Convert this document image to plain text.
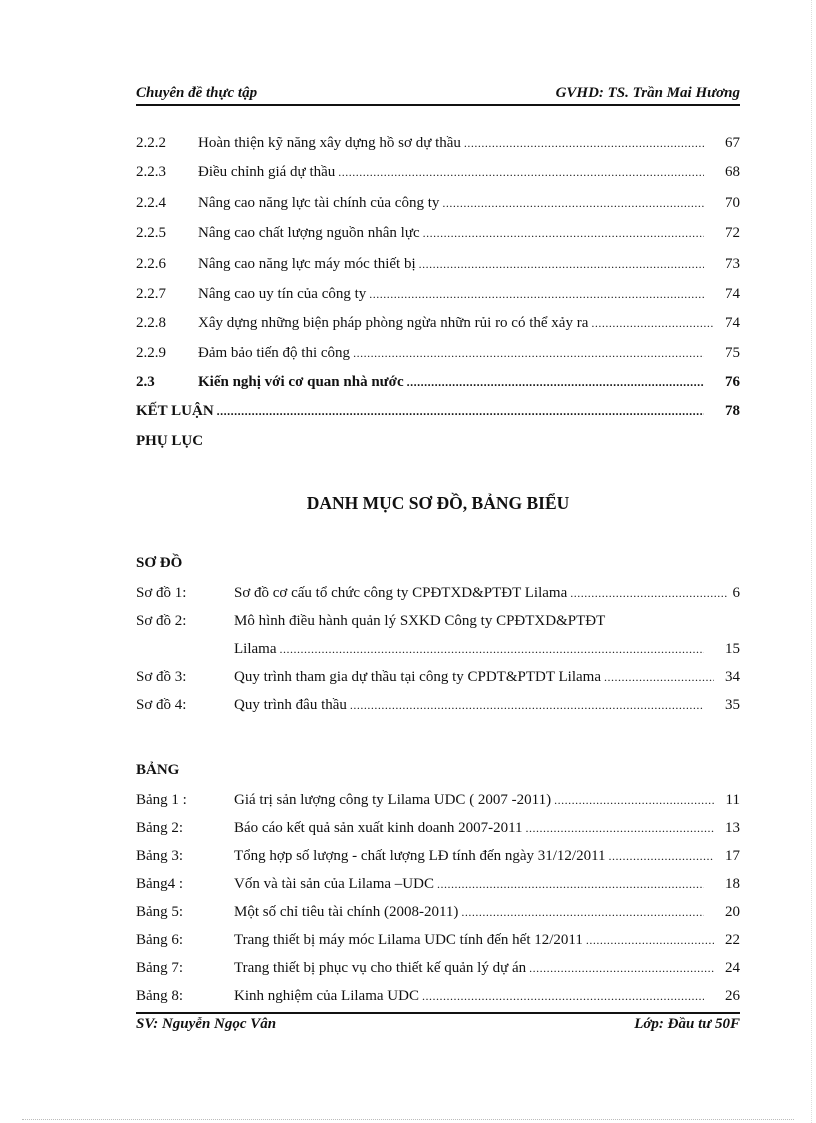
Chuyên đề thực tập	GVHD: TS. Trần Mai Hương
2.2.2 Hoàn thiện kỹ năng xây dựng hồ sơ dự thầu .....	67
2.2.3 Điều chỉnh giá dự thầu .....	68
2.2.4 Nâng cao năng lực tài chính của công ty .....	70
2.2.5 Nâng cao chất lượng nguồn nhân lực .....	72
2.2.6 Nâng cao năng lực máy móc thiết bị .....	73
2.2.7 Nâng cao uy tín của công ty .....	74
2.2.8 Xây dựng những biện pháp phòng ngừa nhữn rủi ro có thể xảy ra .....	74
2.2.9 Đảm bảo tiến độ thi công .....	75
2.3	Kiến nghị với cơ quan nhà nước .....	76
KẾT LUẬN .....	78
PHỤ LỤC
DANH MỤC SƠ ĐỒ, BẢNG BIỂU
SƠ ĐỒ
Sơ đồ 1:	Sơ đồ cơ cấu tổ chức công ty CPĐTXD&PTĐT Lilama .....	6
Sơ đồ 2:	Mô hình điều hành quản lý SXKD Công ty CPĐTXD&PTĐT
Lilama .....	15
Sơ đồ 3:	Quy trình tham gia dự thầu tại công ty CPDT&PTDT Lilama .....	34
Sơ đồ 4:	Quy trình đâu thầu .....	35
BẢNG
Bảng 1 :	Giá trị sản lượng công ty Lilama UDC ( 2007 -2011) .....	11
Bảng 2:	Báo cáo kết quả sản xuất kinh doanh 2007-2011 .....	13
Bảng 3:	Tổng hợp số lượng - chất lượng LĐ tính đến ngày 31/12/2011 .....	17
Bảng4 :	Vốn và tài sản của Lilama –UDC .....	18
Bảng 5:	Một số chỉ tiêu tài chính (2008-2011) .....	20
Bảng 6:	Trang thiết bị máy móc Lilama UDC tính đến hết 12/2011 .....	22
Bảng 7:	Trang thiết bị phục vụ cho thiết kế quản lý dự án .....	24
Bảng 8:	Kinh nghiệm của Lilama UDC .....	26
SV: Nguyễn Ngọc Vân	Lớp: Đầu tư 50F
